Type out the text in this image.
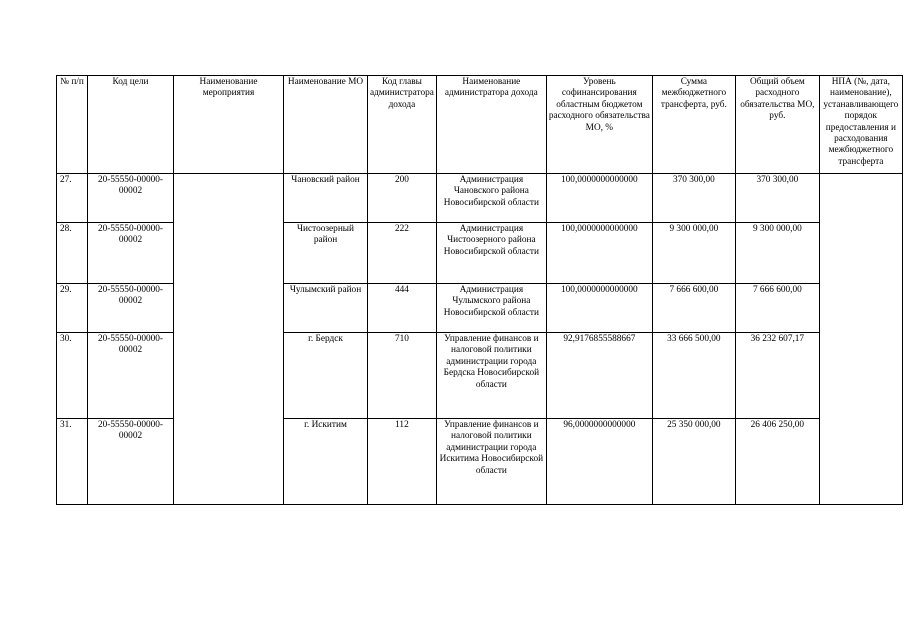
№ п/п	Код цели	Наименование мероприятия	Наименование МО	Код главы администратора дохода	Наименование администратора дохода	Уровень софинансирования областным бюджетом расходного обязательства МО, %	Сумма межбюджетного трансферта, руб.	Общий объем расходного обязательства МО, руб.	НПА (№, дата, наименование), устанавливающего порядок предоставления и расходования межбюджетного трансферта
27.	20-55550-00000-00002		Чановский район	200	Администрация Чановского района Новосибирской области	100,0000000000000	370 300,00	370 300,00	
28.	20-55550-00000-00002		Чистоозерный район	222	Администрация Чистоозерного района Новосибирской области	100,0000000000000	9 300 000,00	9 300 000,00	
29.	20-55550-00000-00002		Чулымский район	444	Администрация Чулымского района Новосибирской области	100,0000000000000	7 666 600,00	7 666 600,00	
30.	20-55550-00000-00002		г. Бердск	710	Управление финансов и налоговой политики администрации города Бердска Новосибирской области	92,9176855588667	33 666 500,00	36 232 607,17	
31.	20-55550-00000-00002		г. Искитим	112	Управление финансов и налоговой политики администрации города Искитима Новосибирской области	96,0000000000000	25 350 000,00	26 406 250,00	
